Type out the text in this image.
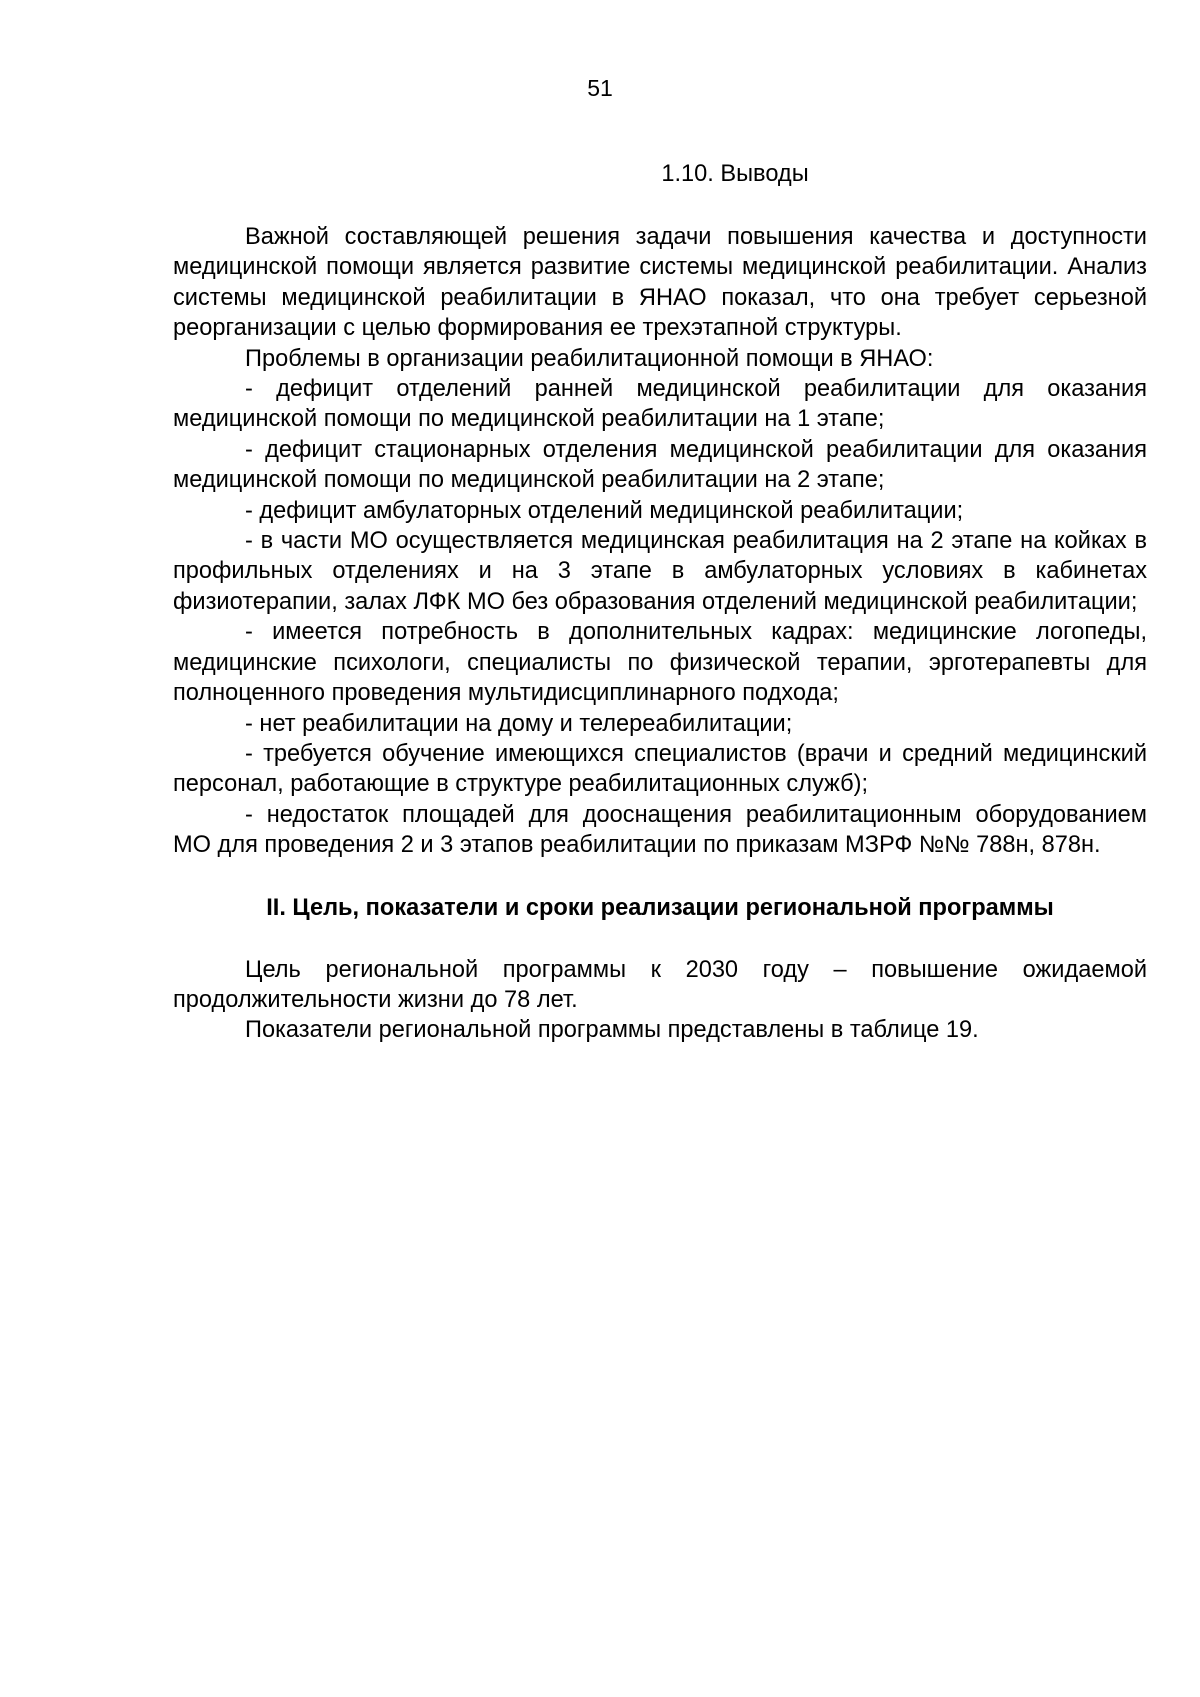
51
1.10. Выводы

Важной составляющей решения задачи повышения качества и доступности медицинской помощи является развитие системы медицинской реабилитации. Анализ системы медицинской реабилитации в ЯНАО показал, что она требует серьезной реорганизации с целью формирования ее трехэтапной структуры.

Проблемы в организации реабилитационной помощи в ЯНАО:

- дефицит отделений ранней медицинской реабилитации для оказания медицинской помощи по медицинской реабилитации на 1 этапе;

- дефицит стационарных отделения медицинской реабилитации для оказания медицинской помощи по медицинской реабилитации на 2 этапе;

- дефицит амбулаторных отделений медицинской реабилитации;

- в части МО осуществляется медицинская реабилитация на 2 этапе на койках в профильных отделениях и на 3 этапе в амбулаторных условиях в кабинетах физиотерапии, залах ЛФК МО без образования отделений медицинской реабилитации;

- имеется потребность в дополнительных кадрах: медицинские логопеды, медицинские психологи, специалисты по физической терапии, эрготерапевты для полноценного проведения мультидисциплинарного подхода;

- нет реабилитации на дому и телереабилитации;

- требуется обучение имеющихся специалистов (врачи и средний медицинский персонал, работающие в структуре реабилитационных служб);

- недостаток площадей для дооснащения реабилитационным оборудованием МО для проведения 2 и 3 этапов реабилитации по приказам МЗРФ №№ 788н, 878н.

II. Цель, показатели и сроки реализации региональной программы

Цель региональной программы к 2030 году – повышение ожидаемой продолжительности жизни до 78 лет.

Показатели региональной программы представлены в таблице 19.
